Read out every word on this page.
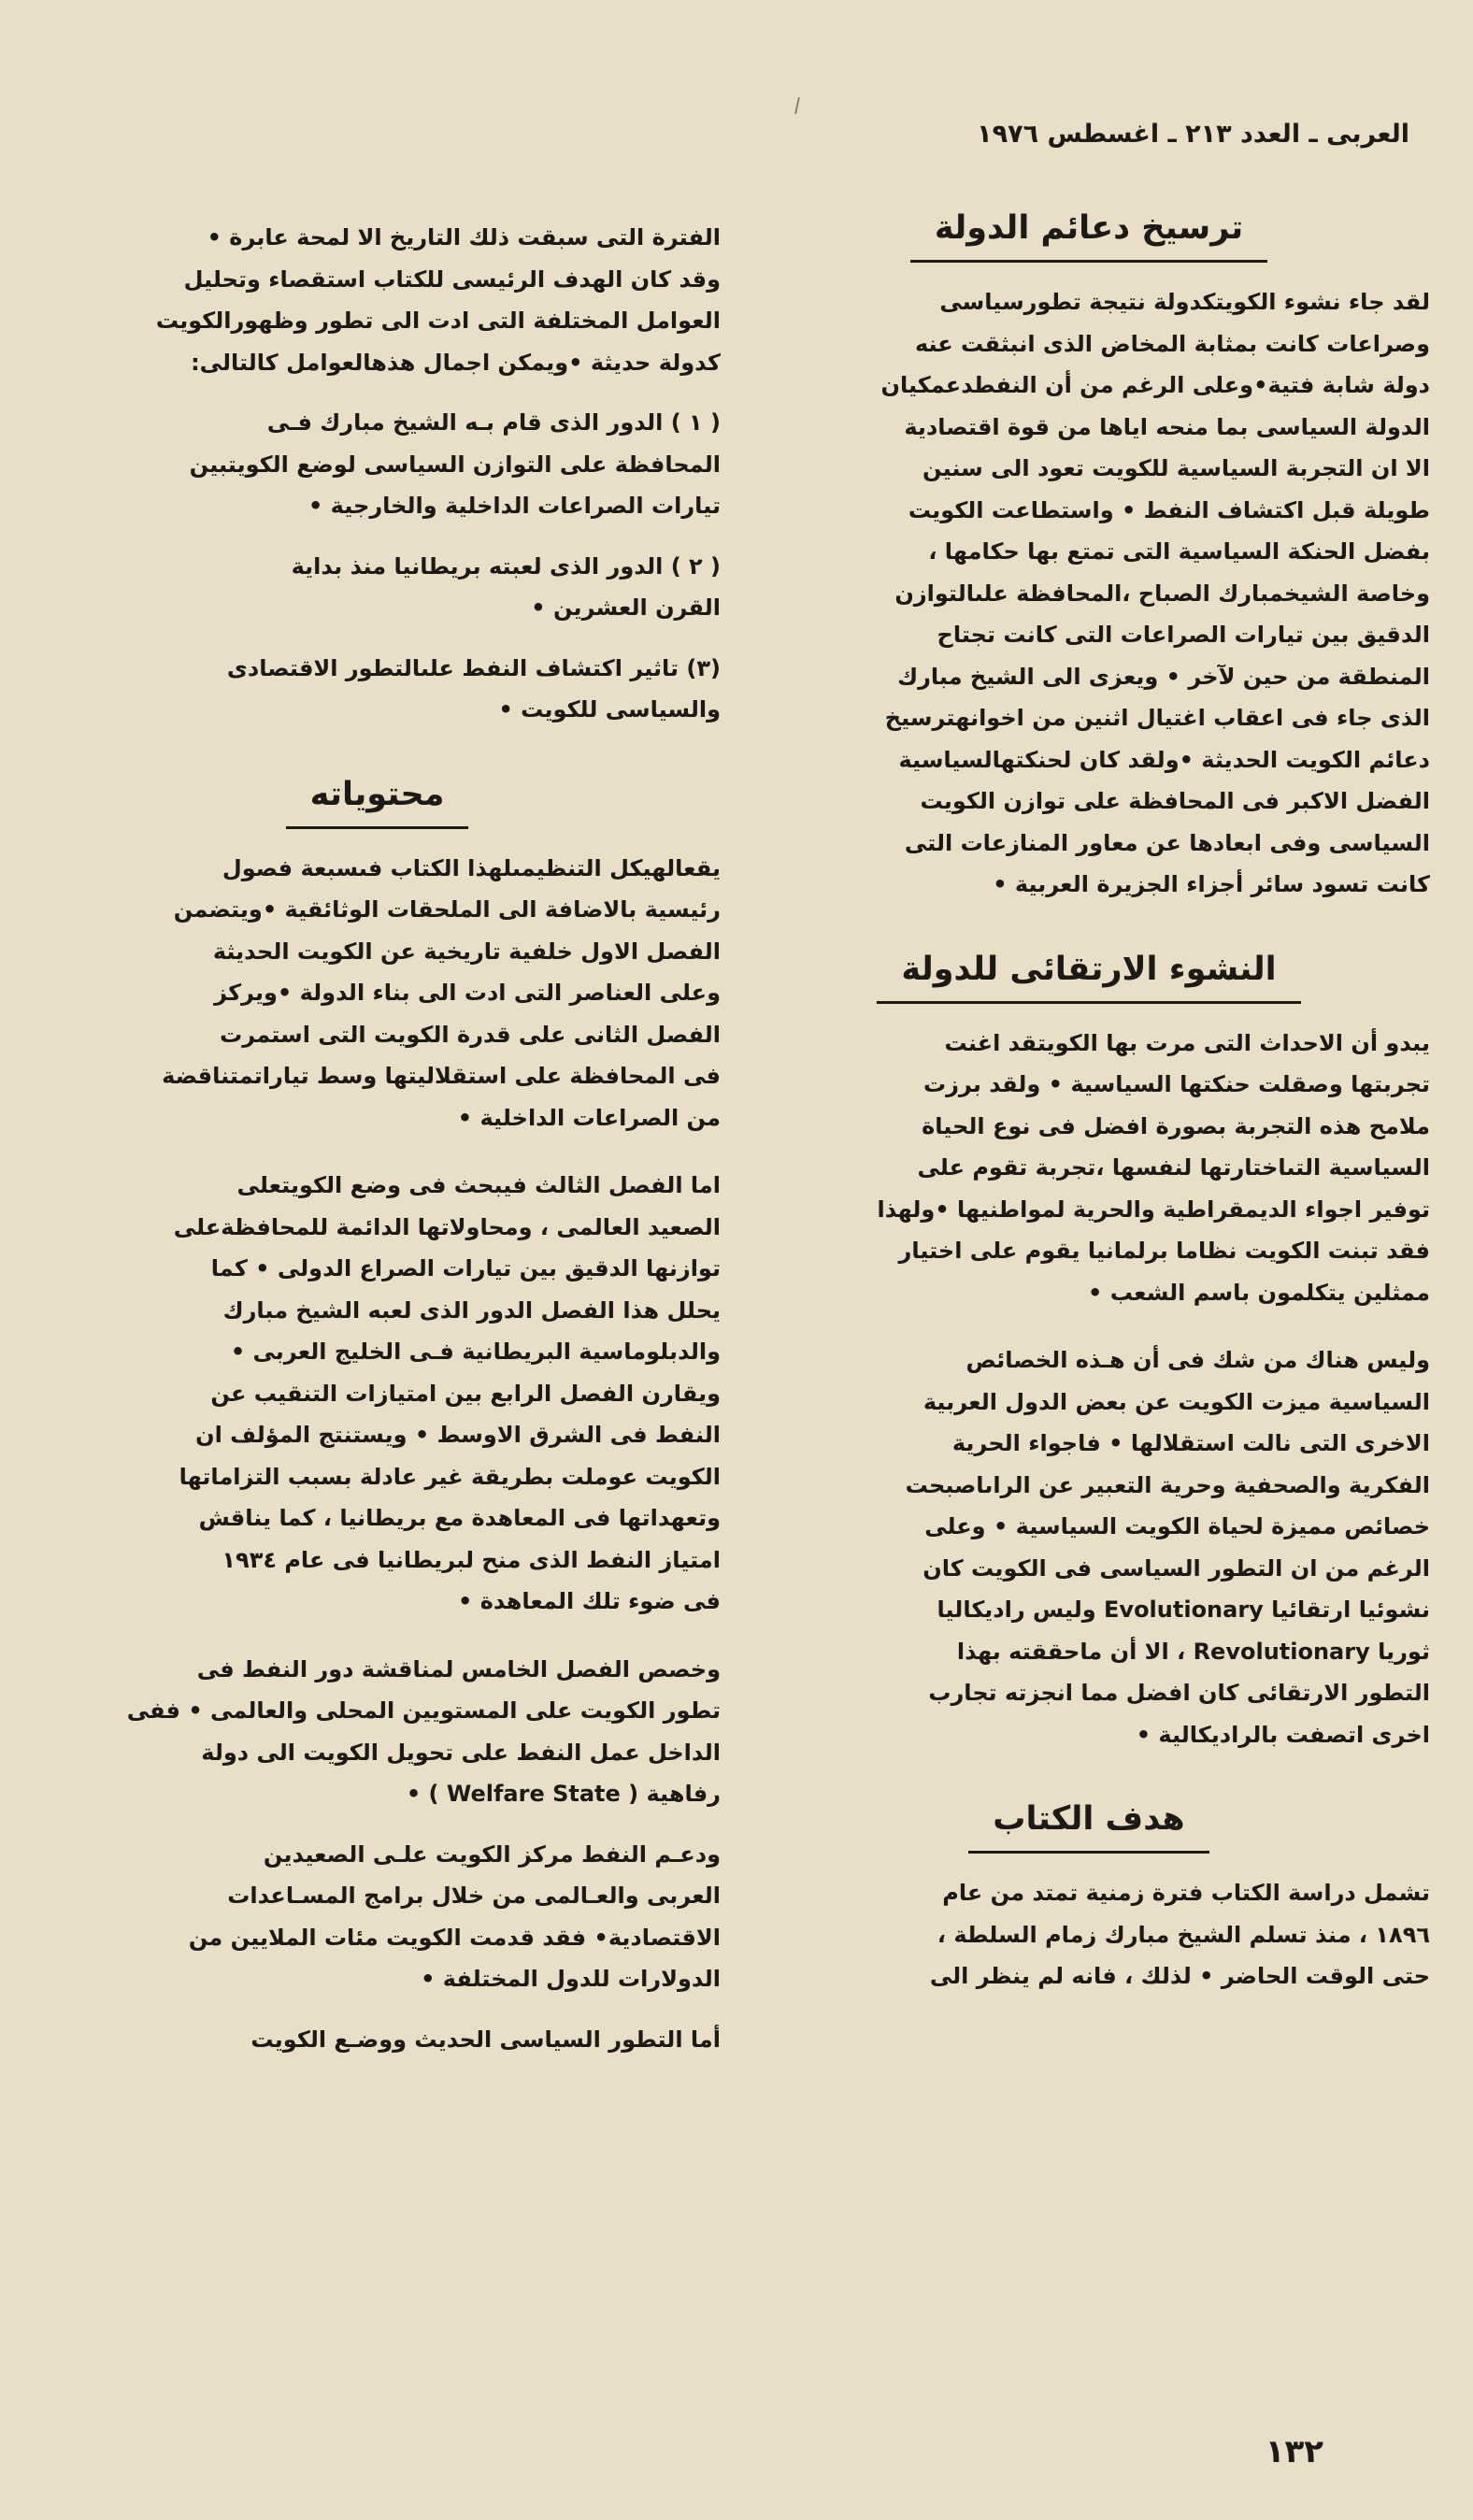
العربى ـ العدد ٢١٣ ـ اغسطس ١٩٧٦
ترسيخ دعائم الدولة

لقد جاء نشوء الكويتكدولة نتيجة تطورسياسى

وصراعات كانت بمثابة المخاض الذى انبثقت عنه

دولة شابة فتية•وعلى الرغم من أن النفطدعمكيان

الدولة السياسى بما منحه اياها من قوة اقتصادية

الا ان التجربة السياسية للكويت تعود الى سنين

طويلة قبل اكتشاف النفط • واستطاعت الكويت

بفضل الحنكة السياسية التى تمتع بها حكامها ،

وخاصة الشيخمبارك الصباح ،المحافظة علىالتوازن

الدقيق بين تيارات الصراعات التى كانت تجتاح

المنطقة من حين لآخر • ويعزى الى الشيخ مبارك

الذى جاء فى اعقاب اغتيال اثنين من اخوانهترسيخ

دعائم الكويت الحديثة •ولقد كان لحنكتهالسياسية

الفضل الاكبر فى المحافظة على توازن الكويت

السياسى وفى ابعادها عن معاور المنازعات التى

كانت تسود سائر أجزاء الجزيرة العربية •

النشوء الارتقائى للدولة

يبدو أن الاحداث التى مرت بها الكويتقد اغنت

تجربتها وصقلت حنكتها السياسية • ولقد برزت

ملامح هذه التجربة بصورة افضل فى نوع الحياة

السياسية التىاختارتها لنفسها ،تجربة تقوم على

توفير اجواء الديمقراطية والحرية لمواطنيها •ولهذا

فقد تبنت الكويت نظاما برلمانيا يقوم على اختيار

ممثلين يتكلمون باسم الشعب •

وليس هناك من شك فى أن هـذه الخصائص

السياسية ميزت الكويت عن بعض الدول العربية

الاخرى التى نالت استقلالها • فاجواء الحرية

الفكرية والصحفية وحرية التعبير عن الراىاصبحت

خصائص مميزة لحياة الكويت السياسية • وعلى

الرغم من ان التطور السياسى فى الكويت كان

نشوئيا ارتقائيا Evolutionary وليس راديكاليا

ثوريا Revolutionary ، الا أن ماحققته بهذا

التطور الارتقائى كان افضل مما انجزته تجارب

اخرى اتصفت بالراديكالية •

هدف الكتاب

تشمل دراسة الكتاب فترة زمنية تمتد من عام

١٨٩٦ ، منذ تسلم الشيخ مبارك زمام السلطة ،

حتى الوقت الحاضر • لذلك ، فانه لم ينظر الى

الفترة التى سبقت ذلك التاريخ الا لمحة عابرة •

وقد كان الهدف الرئيسى للكتاب استقصاء وتحليل

العوامل المختلفة التى ادت الى تطور وظهورالكويت

كدولة حديثة •ويمكن اجمال هذهالعوامل كالتالى:

( ١ ) الدور الذى قام بـه الشيخ مبارك فـى

المحافظة على التوازن السياسى لوضع الكويتبين

تيارات الصراعات الداخلية والخارجية •

( ٢ ) الدور الذى لعبته بريطانيا منذ بداية

القرن العشرين •

(٣) تاثير اكتشاف النفط علىالتطور الاقتصادى

والسياسى للكويت •

محتوياته

يقعالهيكل التنظيمىلهذا الكتاب فىسبعة فصول

رئيسية بالاضافة الى الملحقات الوثائقية •ويتضمن

الفصل الاول خلفية تاريخية عن الكويت الحديثة

وعلى العناصر التى ادت الى بناء الدولة •ويركز

الفصل الثانى على قدرة الكويت التى استمرت

فى المحافظة على استقلاليتها وسط تياراتمتناقضة

من الصراعات الداخلية •

اما الفصل الثالث فيبحث فى وضع الكويتعلى

الصعيد العالمى ، ومحاولاتها الدائمة للمحافظةعلى

توازنها الدقيق بين تيارات الصراع الدولى • كما

يحلل هذا الفصل الدور الذى لعبه الشيخ مبارك

والدبلوماسية البريطانية فـى الخليج العربى •

ويقارن الفصل الرابع بين امتيازات التنقيب عن

النفط فى الشرق الاوسط • ويستنتج المؤلف ان

الكويت عوملت بطريقة غير عادلة بسبب التزاماتها

وتعهداتها فى المعاهدة مع بريطانيا ، كما يناقش

امتياز النفط الذى منح لبريطانيا فى عام ١٩٣٤

فى ضوء تلك المعاهدة •

وخصص الفصل الخامس لمناقشة دور النفط فى

تطور الكويت على المستويين المحلى والعالمى • ففى

الداخل عمل النفط على تحويل الكويت الى دولة

رفاهية ( Welfare State ) •

ودعـم النفط مركز الكويت علـى الصعيدين

العربى والعـالمى من خلال برامج المسـاعدات

الاقتصادية• فقد قدمت الكويت مئات الملايين من

الدولارات للدول المختلفة •

أما التطور السياسى الحديث ووضـع الكويت

١٣٢
